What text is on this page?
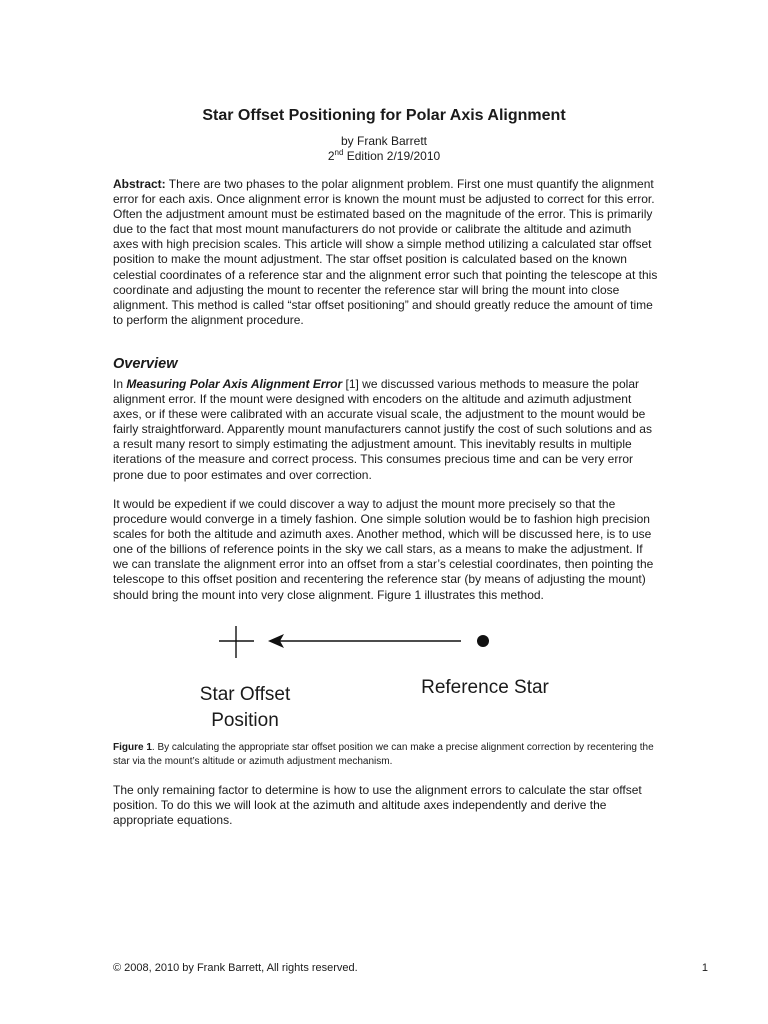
Star Offset Positioning for Polar Axis Alignment
by Frank Barrett
2nd Edition 2/19/2010
Abstract: There are two phases to the polar alignment problem. First one must quantify the alignment error for each axis. Once alignment error is known the mount must be adjusted to correct for this error. Often the adjustment amount must be estimated based on the magnitude of the error. This is primarily due to the fact that most mount manufacturers do not provide or calibrate the altitude and azimuth axes with high precision scales. This article will show a simple method utilizing a calculated star offset position to make the mount adjustment. The star offset position is calculated based on the known celestial coordinates of a reference star and the alignment error such that pointing the telescope at this coordinate and adjusting the mount to recenter the reference star will bring the mount into close alignment. This method is called “star offset positioning” and should greatly reduce the amount of time to perform the alignment procedure.
Overview
In Measuring Polar Axis Alignment Error [1] we discussed various methods to measure the polar alignment error. If the mount were designed with encoders on the altitude and azimuth adjustment axes, or if these were calibrated with an accurate visual scale, the adjustment to the mount would be fairly straightforward. Apparently mount manufacturers cannot justify the cost of such solutions and as a result many resort to simply estimating the adjustment amount. This inevitably results in multiple iterations of the measure and correct process. This consumes precious time and can be very error prone due to poor estimates and over correction.
It would be expedient if we could discover a way to adjust the mount more precisely so that the procedure would converge in a timely fashion. One simple solution would be to fashion high precision scales for both the altitude and azimuth axes. Another method, which will be discussed here, is to use one of the billions of reference points in the sky we call stars, as a means to make the adjustment. If we can translate the alignment error into an offset from a star’s celestial coordinates, then pointing the telescope to this offset position and recentering the reference star (by means of adjusting the mount) should bring the mount into very close alignment. Figure 1 illustrates this method.
Star Offset
Position
Reference Star
Figure 1. By calculating the appropriate star offset position we can make a precise alignment correction by recentering the star via the mount’s altitude or azimuth adjustment mechanism.
The only remaining factor to determine is how to use the alignment errors to calculate the star offset position. To do this we will look at the azimuth and altitude axes independently and derive the appropriate equations.
© 2008, 2010 by Frank Barrett, All rights reserved.	1
